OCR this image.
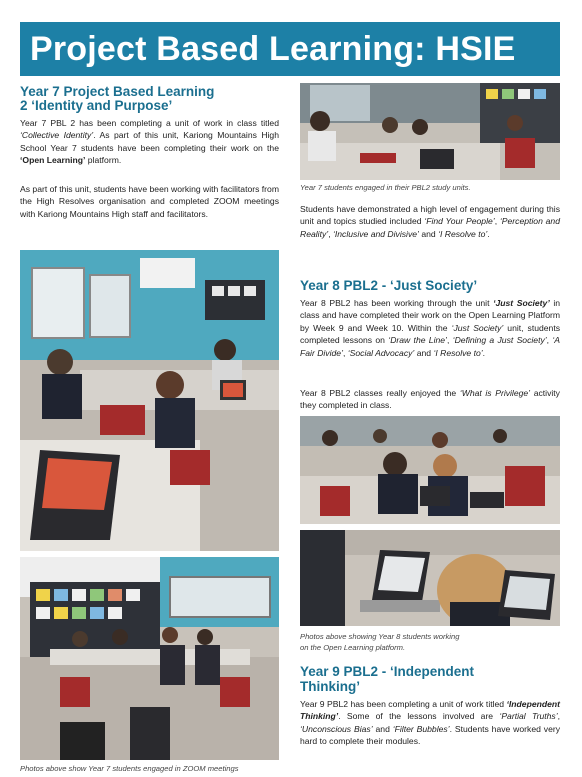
Project Based Learning: HSIE
Year 7 Project Based Learning
2 ‘Identity and Purpose’
Year 7 PBL 2 has been completing a unit of work in class titled ‘Collective Identity’. As part of this unit, Kariong Mountains High School Year 7 students have been completing their work on the ‘Open Learning’ platform.
As part of this unit, students have been working with facilitators from the High Resolves organisation and completed ZOOM meetings with Kariong Mountains High staff and facilitators.
Photos above show Year 7 students engaged in ZOOM meetings
Year 7 students engaged in their PBL2 study units.
Students have demonstrated a high level of engagement during this unit and topics studied included ‘Find Your People’, ‘Perception and Reality’, ‘Inclusive and Divisive’ and ‘I Resolve to’.
Year 8 PBL2 - ‘Just Society’
Year 8 PBL2 has been working through the unit ‘Just Society’ in class and have completed their work on the Open Learning Platform by Week 9 and Week 10. Within the ‘Just Society’ unit, students completed lessons on ‘Draw the Line’, ‘Defining a Just Society’, ‘A Fair Divide’, ‘Social Advocacy’ and ‘I Resolve to’.
Year 8 PBL2 classes really enjoyed the ‘What is Privilege’ activity they completed in class.
Photos above showing Year 8 students working
on the Open Learning platform.
Year 9 PBL2 - ‘Independent
Thinking’
Year 9 PBL2 has been completing a unit of work titled ‘Independent Thinking’. Some of the lessons involved are ‘Partial Truths’, ‘Unconscious Bias’ and ‘Filter Bubbles’. Students have worked very hard to complete their modules.
